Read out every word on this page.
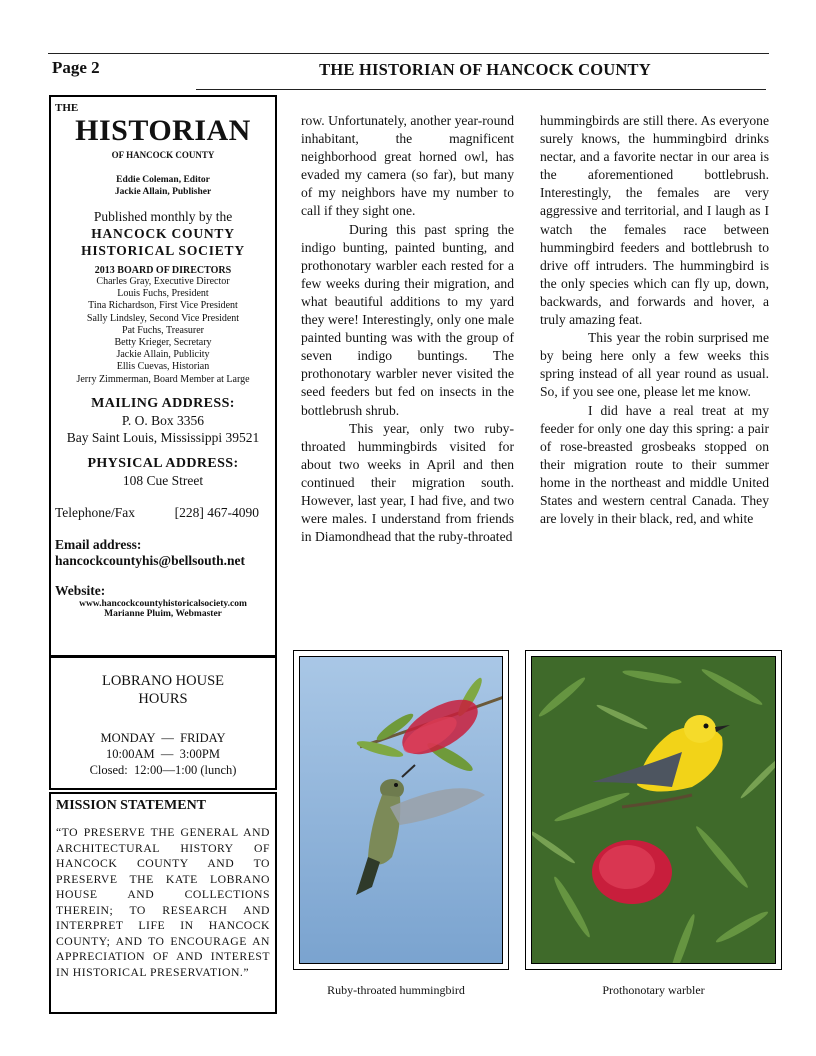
Page 2	THE HISTORIAN OF HANCOCK COUNTY
THE
HISTORIAN
OF HANCOCK COUNTY
Eddie Coleman, Editor
Jackie Allain, Publisher
Published monthly by the
HANCOCK COUNTY
HISTORICAL SOCIETY
2013 BOARD OF DIRECTORS
Charles Gray, Executive Director
Louis Fuchs, President
Tina Richardson, First Vice President
Sally Lindsley, Second Vice President
Pat Fuchs, Treasurer
Betty Krieger, Secretary
Jackie Allain, Publicity
Ellis Cuevas, Historian
Jerry Zimmerman, Board Member at Large
MAILING ADDRESS:
P. O. Box 3356
Bay Saint Louis, Mississippi 39521
PHYSICAL ADDRESS:
108 Cue Street
Telephone/Fax	[228] 467-4090
Email address:
hancockcountyhis@bellsouth.net
Website:
www.hancockcountyhistoricalsociety.com
Marianne Pluim, Webmaster
LOBRANO HOUSE
HOURS
MONDAY  —  FRIDAY
10:00AM  —  3:00PM
Closed:  12:00—1:00 (lunch)
MISSION STATEMENT
“TO PRESERVE THE GENERAL AND ARCHITECTURAL HISTORY OF HANCOCK COUNTY AND TO PRESERVE THE KATE LOBRANO HOUSE AND COLLECTIONS THEREIN; TO RESEARCH AND INTERPRET LIFE IN HANCOCK COUNTY; AND TO ENCOURAGE AN APPRECIATION OF AND INTEREST IN HISTORICAL PRESERVATION.”

row. Unfortunately, another year-round inhabitant, the magnificent neighborhood great horned owl, has evaded my camera (so far), but many of my neighbors have my number to call if they sight one.

During this past spring the indigo bunting, painted bunting, and prothonotary warbler each rested for a few weeks during their migration, and what beautiful additions to my yard they were! Interestingly, only one male painted bunting was with the group of seven indigo buntings. The prothonotary warbler never visited the seed feeders but fed on insects in the bottlebrush shrub.

This year, only two ruby-throated hummingbirds visited for about two weeks in April and then continued their migration south. However, last year, I had five, and two were males. I understand from friends in Diamondhead that the ruby-throated

hummingbirds are still there. As everyone surely knows, the hummingbird drinks nectar, and a favorite nectar in our area is the aforementioned bottlebrush. Interestingly, the females are very aggressive and territorial, and I laugh as I watch the females race between hummingbird feeders and bottlebrush to drive off intruders. The hummingbird is the only species which can fly up, down, backwards, and forwards and hover, a truly amazing feat.

This year the robin surprised me by being here only a few weeks this spring instead of all year round as usual. So, if you see one, please let me know.

I did have a real treat at my feeder for only one day this spring: a pair of rose-breasted grosbeaks stopped on their migration route to their summer home in the northeast and middle United States and western central Canada. They are lovely in their black, red, and white

Ruby-throated hummingbird	Prothonotary warbler
